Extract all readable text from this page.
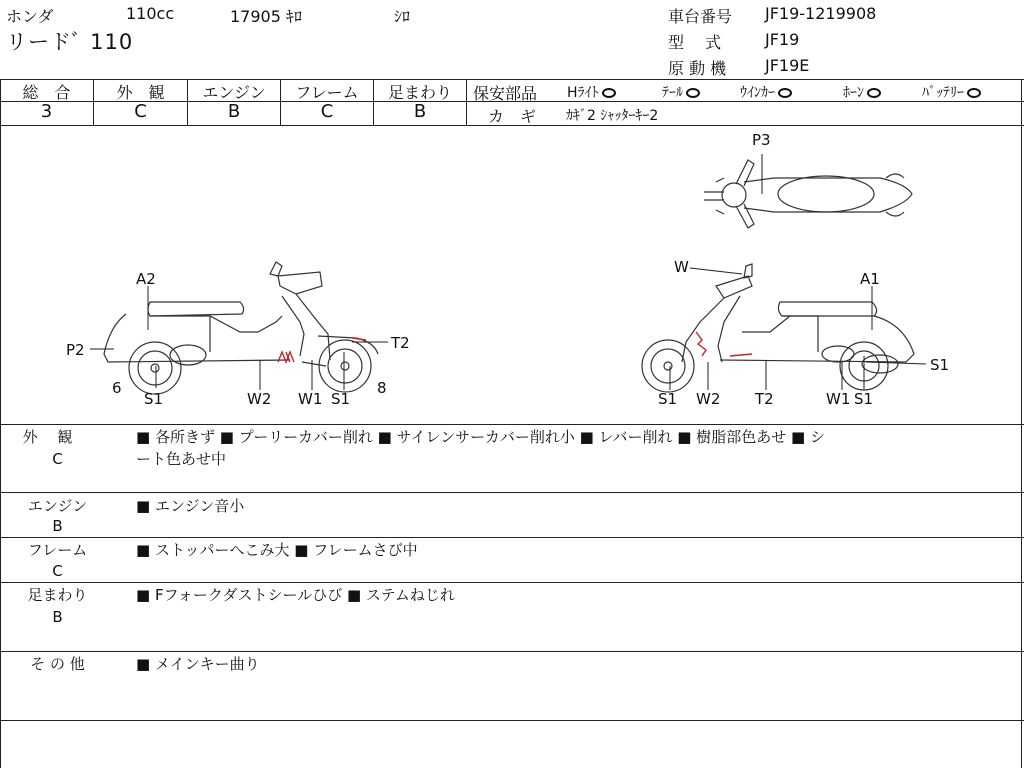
ホンダ	110cc	17905 ｷﾛ	ｼﾛ
リードﾞ 110
車台番号 JF19-1219908
型　 式	JF19
原 動 機 JF19E
総　合	外　観	エンジン	フレーム	足まわり
3	C	B	C	B
保安部品 Hﾗｲﾄ	ﾃｰﾙ	ｳｲﾝｶｰ	ﾎｰﾝ	ﾊﾞｯﾃﾘｰ
カ　ギ ｶｷﾞ2 ｼｬｯﾀｰｷｰ2
A2
P2
6
S1	W2 W1 S1
8
T2
P3
W
A1
S1
S1 W2 T2	W1 S1
外　 観
C
■ 各所きず ■ プーリーカバー削れ ■ サイレンサーカバー削れ小 ■ レバー削れ ■ 樹脂部色あせ ■ シ
ート色あせ中
エンジン
B
■ エンジン音小
フレーム
C
■ ストッパーへこみ大 ■ フレームさび中
足まわり
B
■ Fフォークダストシールひび ■ ステムねじれ
そ の 他	■ メインキー曲り
